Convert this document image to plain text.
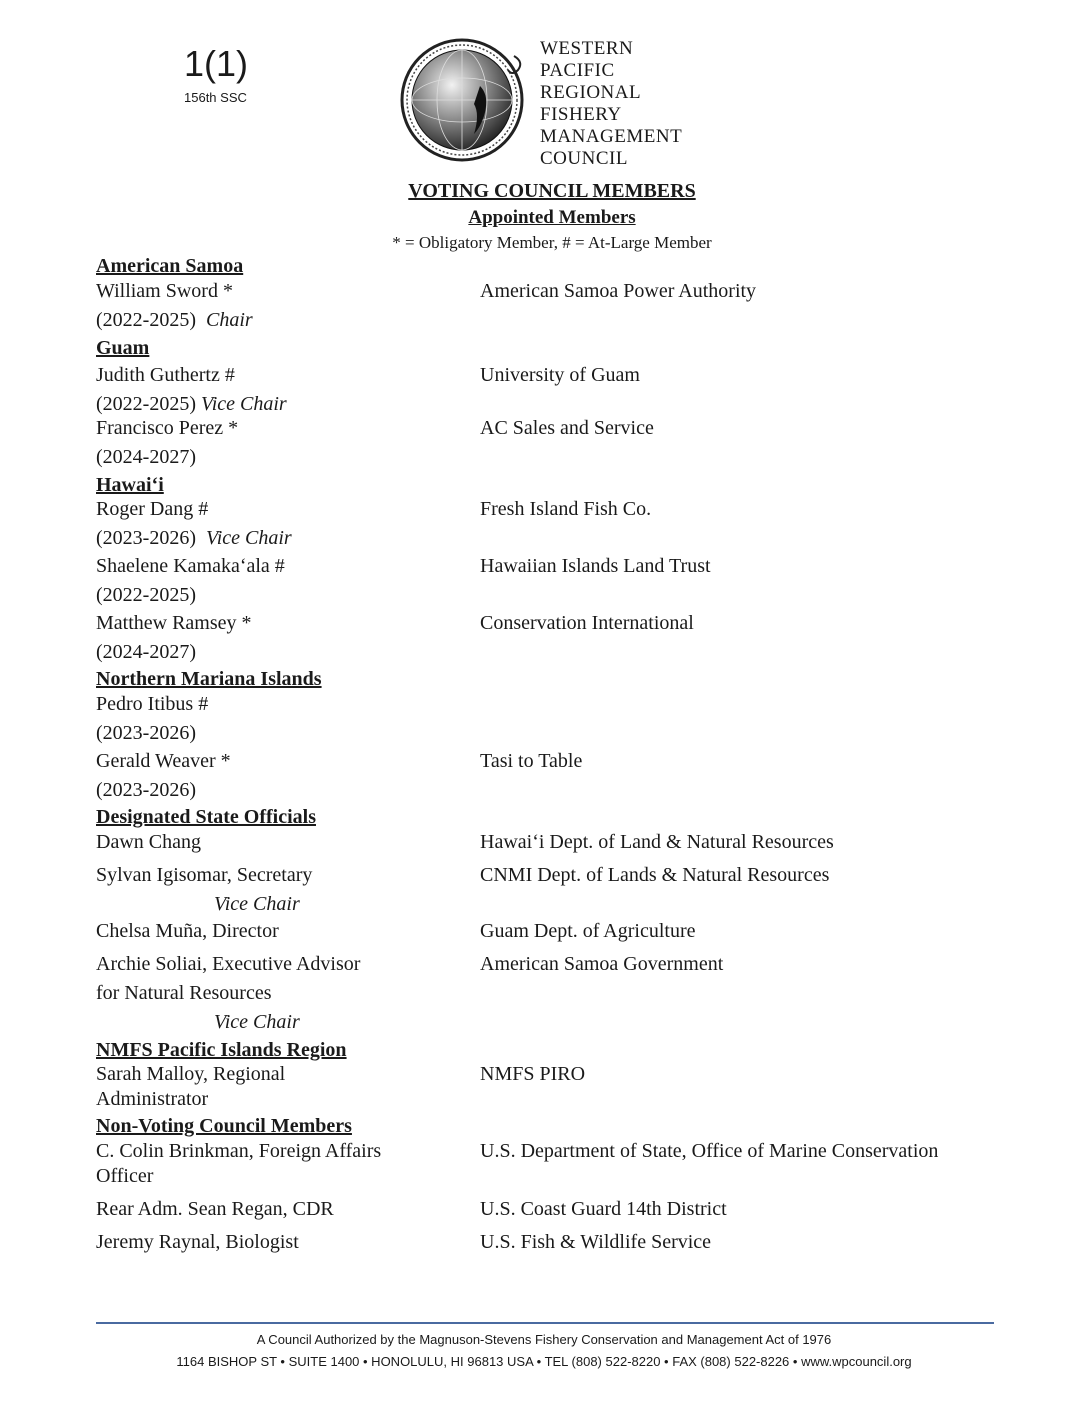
1(1)
156th SSC
WESTERN
PACIFIC
REGIONAL
FISHERY
MANAGEMENT
COUNCIL
VOTING COUNCIL MEMBERS
Appointed Members
* = Obligatory Member, # = At-Large Member
American Samoa
William Sword *	American Samoa Power Authority
(2022-2025) Chair
Guam
Judith Guthertz #	University of Guam
(2022-2025) Vice Chair
Francisco Perez *	AC Sales and Service
(2024-2027)
Hawai‘i
Roger Dang #	Fresh Island Fish Co.
(2023-2026) Vice Chair
Shaelene Kamaka‘ala #	Hawaiian Islands Land Trust
(2022-2025)
Matthew Ramsey *	Conservation International
(2024-2027)
Northern Mariana Islands
Pedro Itibus #
(2023-2026)
Gerald Weaver *	Tasi to Table
(2023-2026)
Designated State Officials
Dawn Chang	Hawai‘i Dept. of Land & Natural Resources
Sylvan Igisomar, Secretary	CNMI Dept. of Lands & Natural Resources
Vice Chair
Chelsa Muña, Director	Guam Dept. of Agriculture
Archie Soliai, Executive Advisor	American Samoa Government
for Natural Resources
Vice Chair
NMFS Pacific Islands Region
Sarah Malloy, Regional	NMFS PIRO
Administrator
Non-Voting Council Members
C. Colin Brinkman, Foreign Affairs	U.S. Department of State, Office of Marine Conservation
Officer
Rear Adm. Sean Regan, CDR	U.S. Coast Guard 14th District
Jeremy Raynal, Biologist	U.S. Fish & Wildlife Service
A Council Authorized by the Magnuson-Stevens Fishery Conservation and Management Act of 1976
1164 BISHOP ST • SUITE 1400 • HONOLULU, HI 96813 USA • TEL (808) 522-8220 • FAX (808) 522-8226 • www.wpcouncil.org
